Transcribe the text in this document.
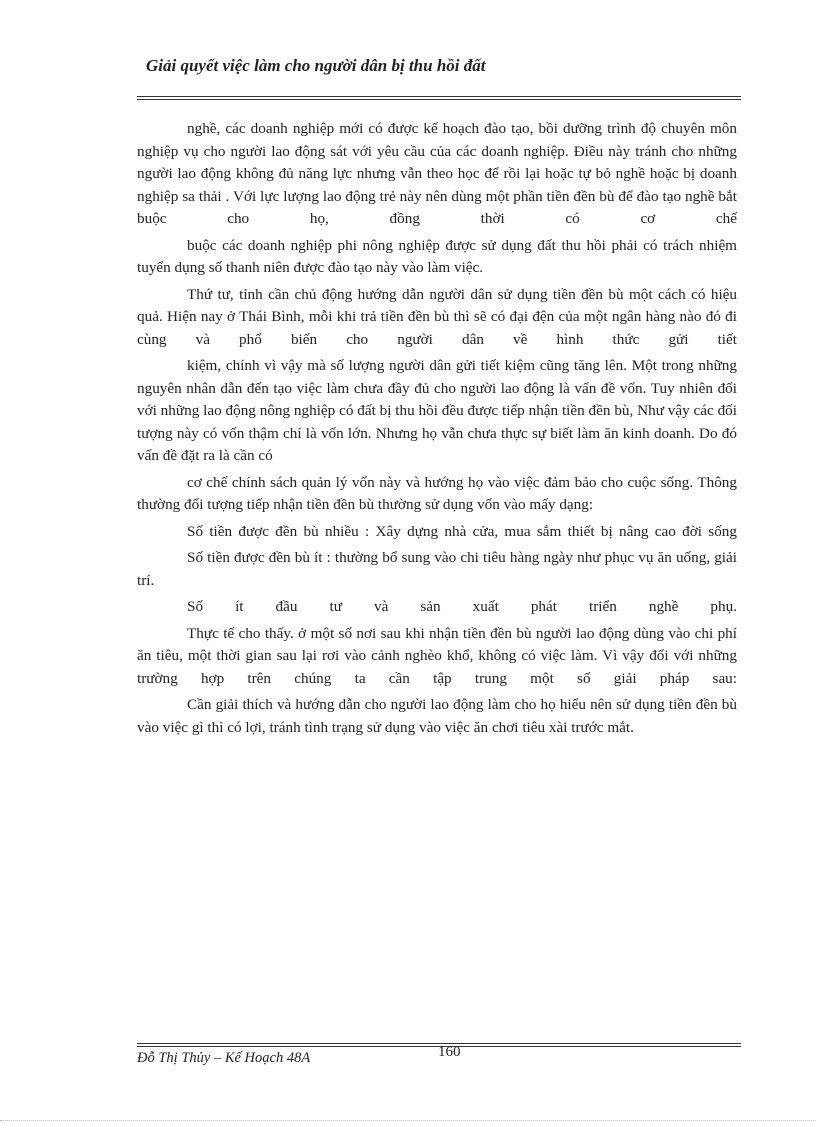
Giải quyết việc làm cho người dân bị thu hồi đất

nghề, các doanh nghiệp mới có được kế hoạch đào tạo, bồi dưỡng trình độ chuyên môn nghiệp vụ cho người lao động sát với yêu cầu của các doanh nghiệp. Điều này tránh cho những người lao động không đủ năng lực nhưng vẫn theo học để rồi lại hoặc tự bỏ nghề hoặc bị doanh nghiệp sa thải . Với lực lượng lao động trẻ này nên dùng một phần tiền đền bù để đào tạo nghề bắt buộc cho họ, đồng thời có cơ chế

buộc các doanh nghiệp phi nông nghiệp được sử dụng đất thu hồi phải có trách nhiệm tuyển dụng số thanh niên được đào tạo này vào làm việc.

Thứ tư, tỉnh cần chủ động hướng dẫn người dân sử dụng tiền đền bù một cách có hiệu quả. Hiện nay ở Thái Bình, mỗi khi trả tiền đền bù thì sẽ có đại đện của một ngân hàng nào đó đi cùng và phổ biến cho người dân về hình thức gửi tiết

kiệm, chính vì vậy mà số lượng người dân gửi tiết kiệm cũng tăng lên. Một trong những nguyên nhân dẫn đến tạo việc làm chưa đầy đủ cho người lao động là vấn đề vốn. Tuy nhiên đối với những lao động nông nghiệp có đất bị thu hồi đều được tiếp nhận tiền đền bù, Như vậy các đối tượng này có vốn thậm chí là vốn lớn. Nhưng họ vẫn chưa thực sự biết làm ăn kinh doanh. Do đó vấn đề đặt ra là cần có

cơ chế chính sách quản lý vốn này và hướng họ vào việc đảm bảo cho cuộc sống. Thông thường đối tượng tiếp nhận tiền đền bù thường sử dụng vốn vào mấy dạng:

Số tiền được đền bù nhiều : Xây dựng nhà cửa, mua sắm thiết bị nâng cao đời sống

Số tiền được đền bù ít : thường bổ sung vào chi tiêu hàng ngày như phục vụ ăn uống, giải trí.

Số ít đầu tư và sản xuất phát triển nghề phụ.

Thực tế cho thấy. ở một số nơi sau khi nhận tiền đền bù người lao động dùng vào chi phí ăn tiêu, một thời gian sau lại rơi vào cảnh nghèo khổ, không có việc làm. Vì vậy đối với những trường hợp trên chúng ta cần tập trung một số giải pháp sau:

Cần giải thích và hướng dẫn cho người lao động làm cho họ hiểu nên sử dụng tiền đền bù vào việc gì thì có lợi, tránh tình trạng sử dụng vào việc ăn chơi tiêu xài trước mắt.

160
Đỗ Thị Thủy – Kế Hoạch 48A
